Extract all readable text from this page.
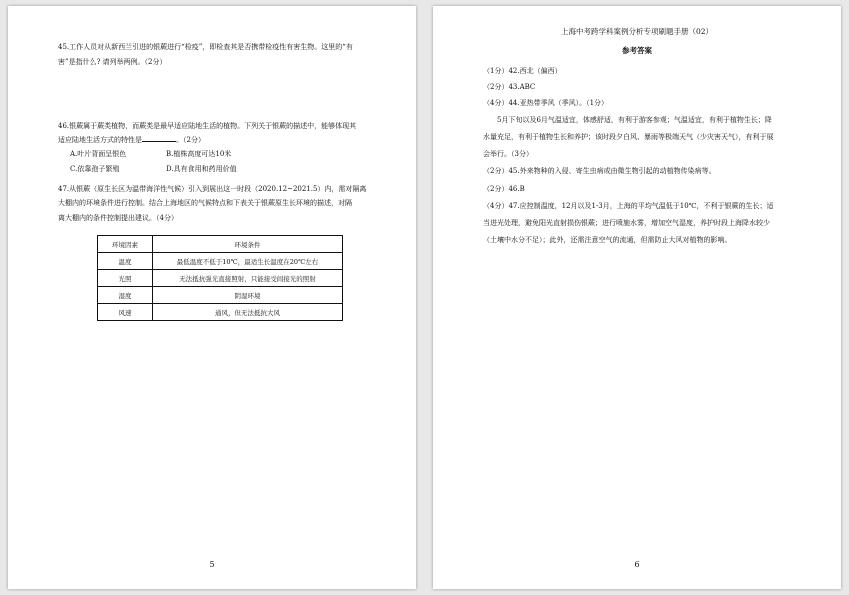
45.工作人员对从新西兰引进的银蕨进行“检疫”，即检查其是否携带检疫性有害生物。这里的“有
害”是指什么? 请列举两例。（2分）
46.银蕨属于蕨类植物，而蕨类是最早适应陆地生活的植物。下列关于银蕨的描述中，能够体现其
适应陆地生活方式的特性是	。（2分）
A.叶片背面呈银色	B.植株高度可达10米
C.依靠孢子繁殖	D.具有食用和药用价值
47.从银蕨（原生长区为温带海洋性气候）引入到展出这一时段（2020.12~2021.5）内，需对隔离
大棚内的环境条件进行控制。结合上海地区的气候特点和下表关于银蕨原生长环境的描述，对隔
离大棚内的条件控制提出建议。（4分）
环境因素	环境条件
温度	最低温度不低于10℃，最适生长温度在20℃左右
光照	无法抵抗强光直接照射，只能接受间接光的照射
湿度	阴湿环境
风速	通风，但无法抵抗大风
5
上海中考跨学科案例分析专项刷题手册（02）
参考答案
（1分）42.西北（偏西）
（2分）43.ABC
（4分）44.亚热带季风（季风）。（1分）
5月下旬以及6月气温适宜，体感舒适，有利于游客参观；气温适宜，有利于植物生长；降
水量充足，有利于植物生长和养护；该时段夕白风、暴雨等极端天气（少灾害天气），有利于展
会举行。（3分）
（2分）45.外来物种的入侵、寄生虫病或由微生物引起的动植物传染病等。
（2分）46.B
（4分）47.应控制温度，12月以及1-3月，上海的平均气温低于10℃，不利于银蕨的生长；适
当进光处理，避免阳光直射损伤银蕨；进行喷施水雾，增加空气湿度，养护时段上海降水较少
（土壤中水分不足）；此外，还需注意空气的流通，但需防止大风对植物的影响。
6
